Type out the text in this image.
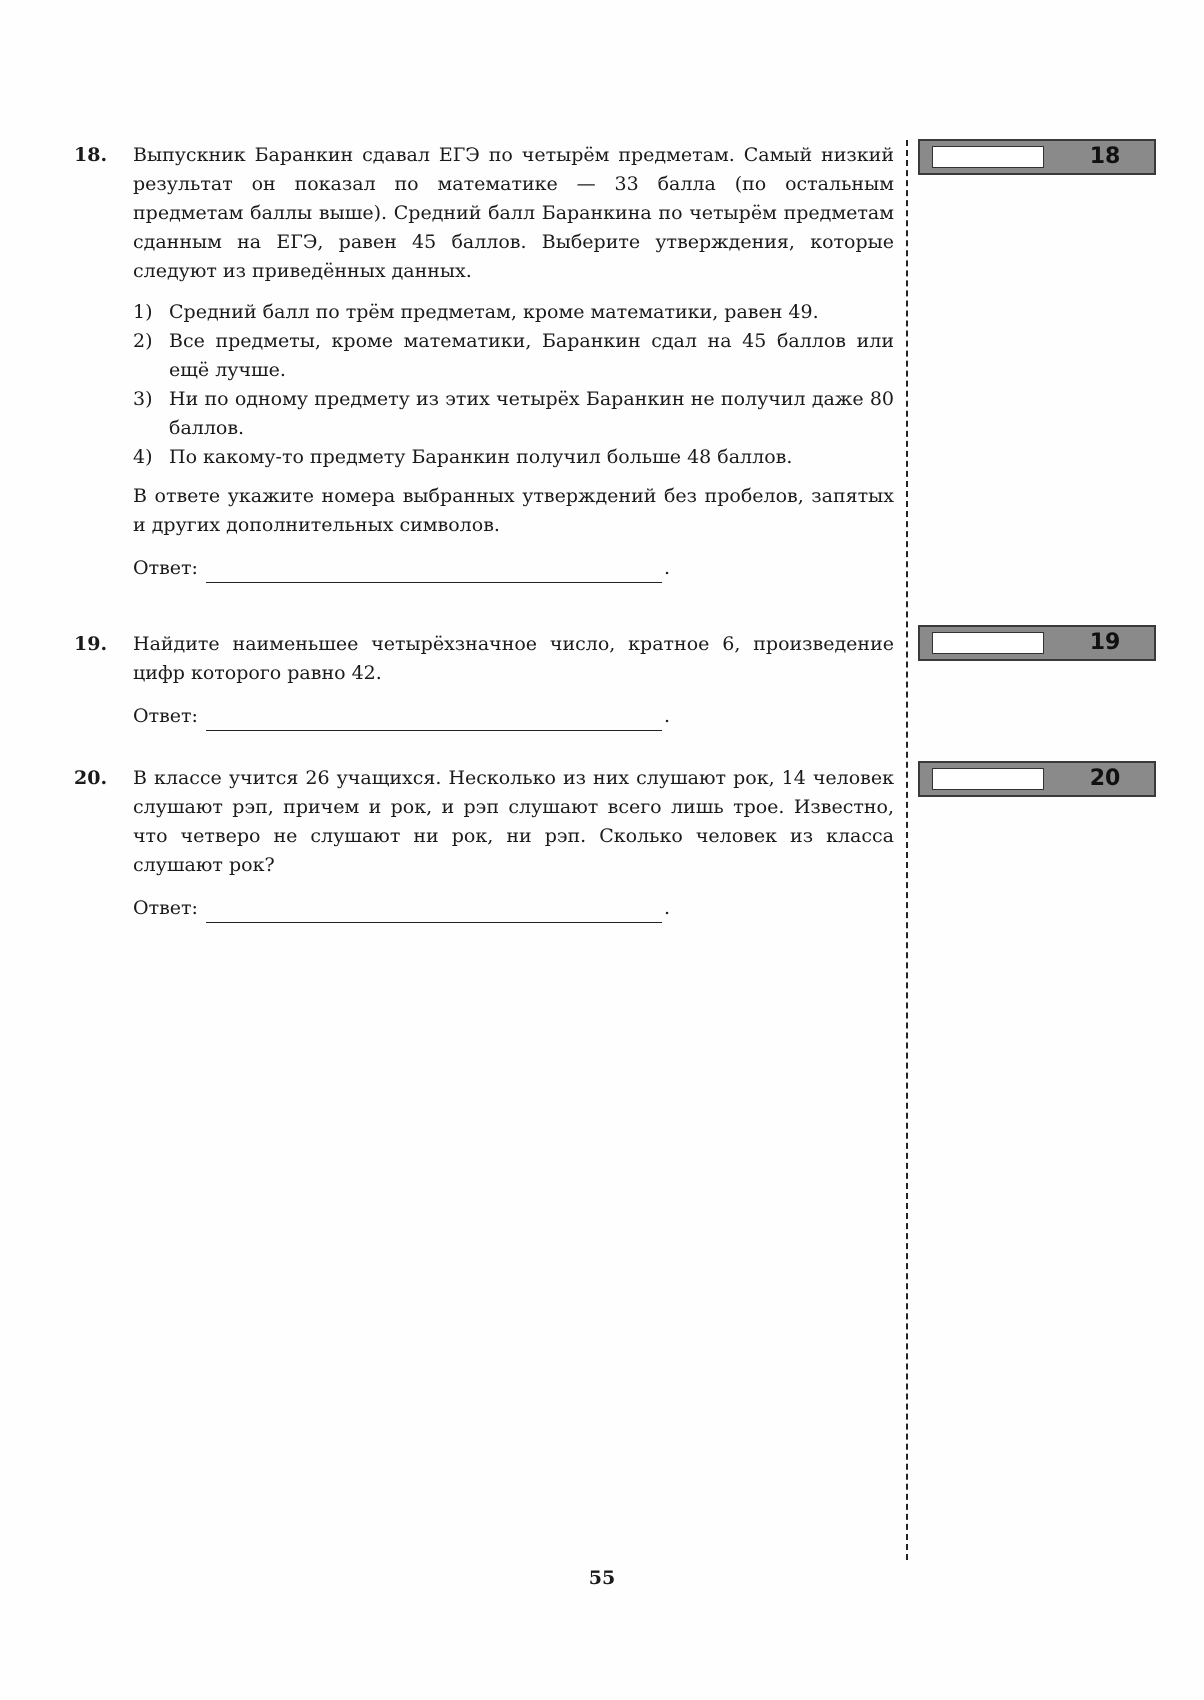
18. Выпускник Баранкин сдавал ЕГЭ по четырём предметам. Самый низкий результат он показал по математике — 33 балла (по остальным предметам баллы выше). Средний балл Баранкина по четырём предметам сданным на ЕГЭ, равен 45 баллов. Выберите утверждения, которые следуют из приведённых данных.

1) Средний балл по трём предметам, кроме математики, равен 49.
2) Все предметы, кроме математики, Баранкин сдал на 45 баллов или ещё лучше.
3) Ни по одному предмету из этих четырёх Баранкин не получил даже 80 баллов.
4) По какому-то предмету Баранкин получил больше 48 баллов.

В ответе укажите номера выбранных утверждений без пробелов, запятых и других дополнительных символов.

Ответ:	.
19. Найдите наименьшее четырёхзначное число, кратное 6, произведение цифр которого равно 42.

Ответ:	.
20. В классе учится 26 учащихся. Несколько из них слушают рок, 14 человек слушают рэп, причем и рок, и рэп слушают всего лишь трое. Известно, что четверо не слушают ни рок, ни рэп. Сколько человек из класса слушают рок?

Ответ:	.
18
19
20
55
